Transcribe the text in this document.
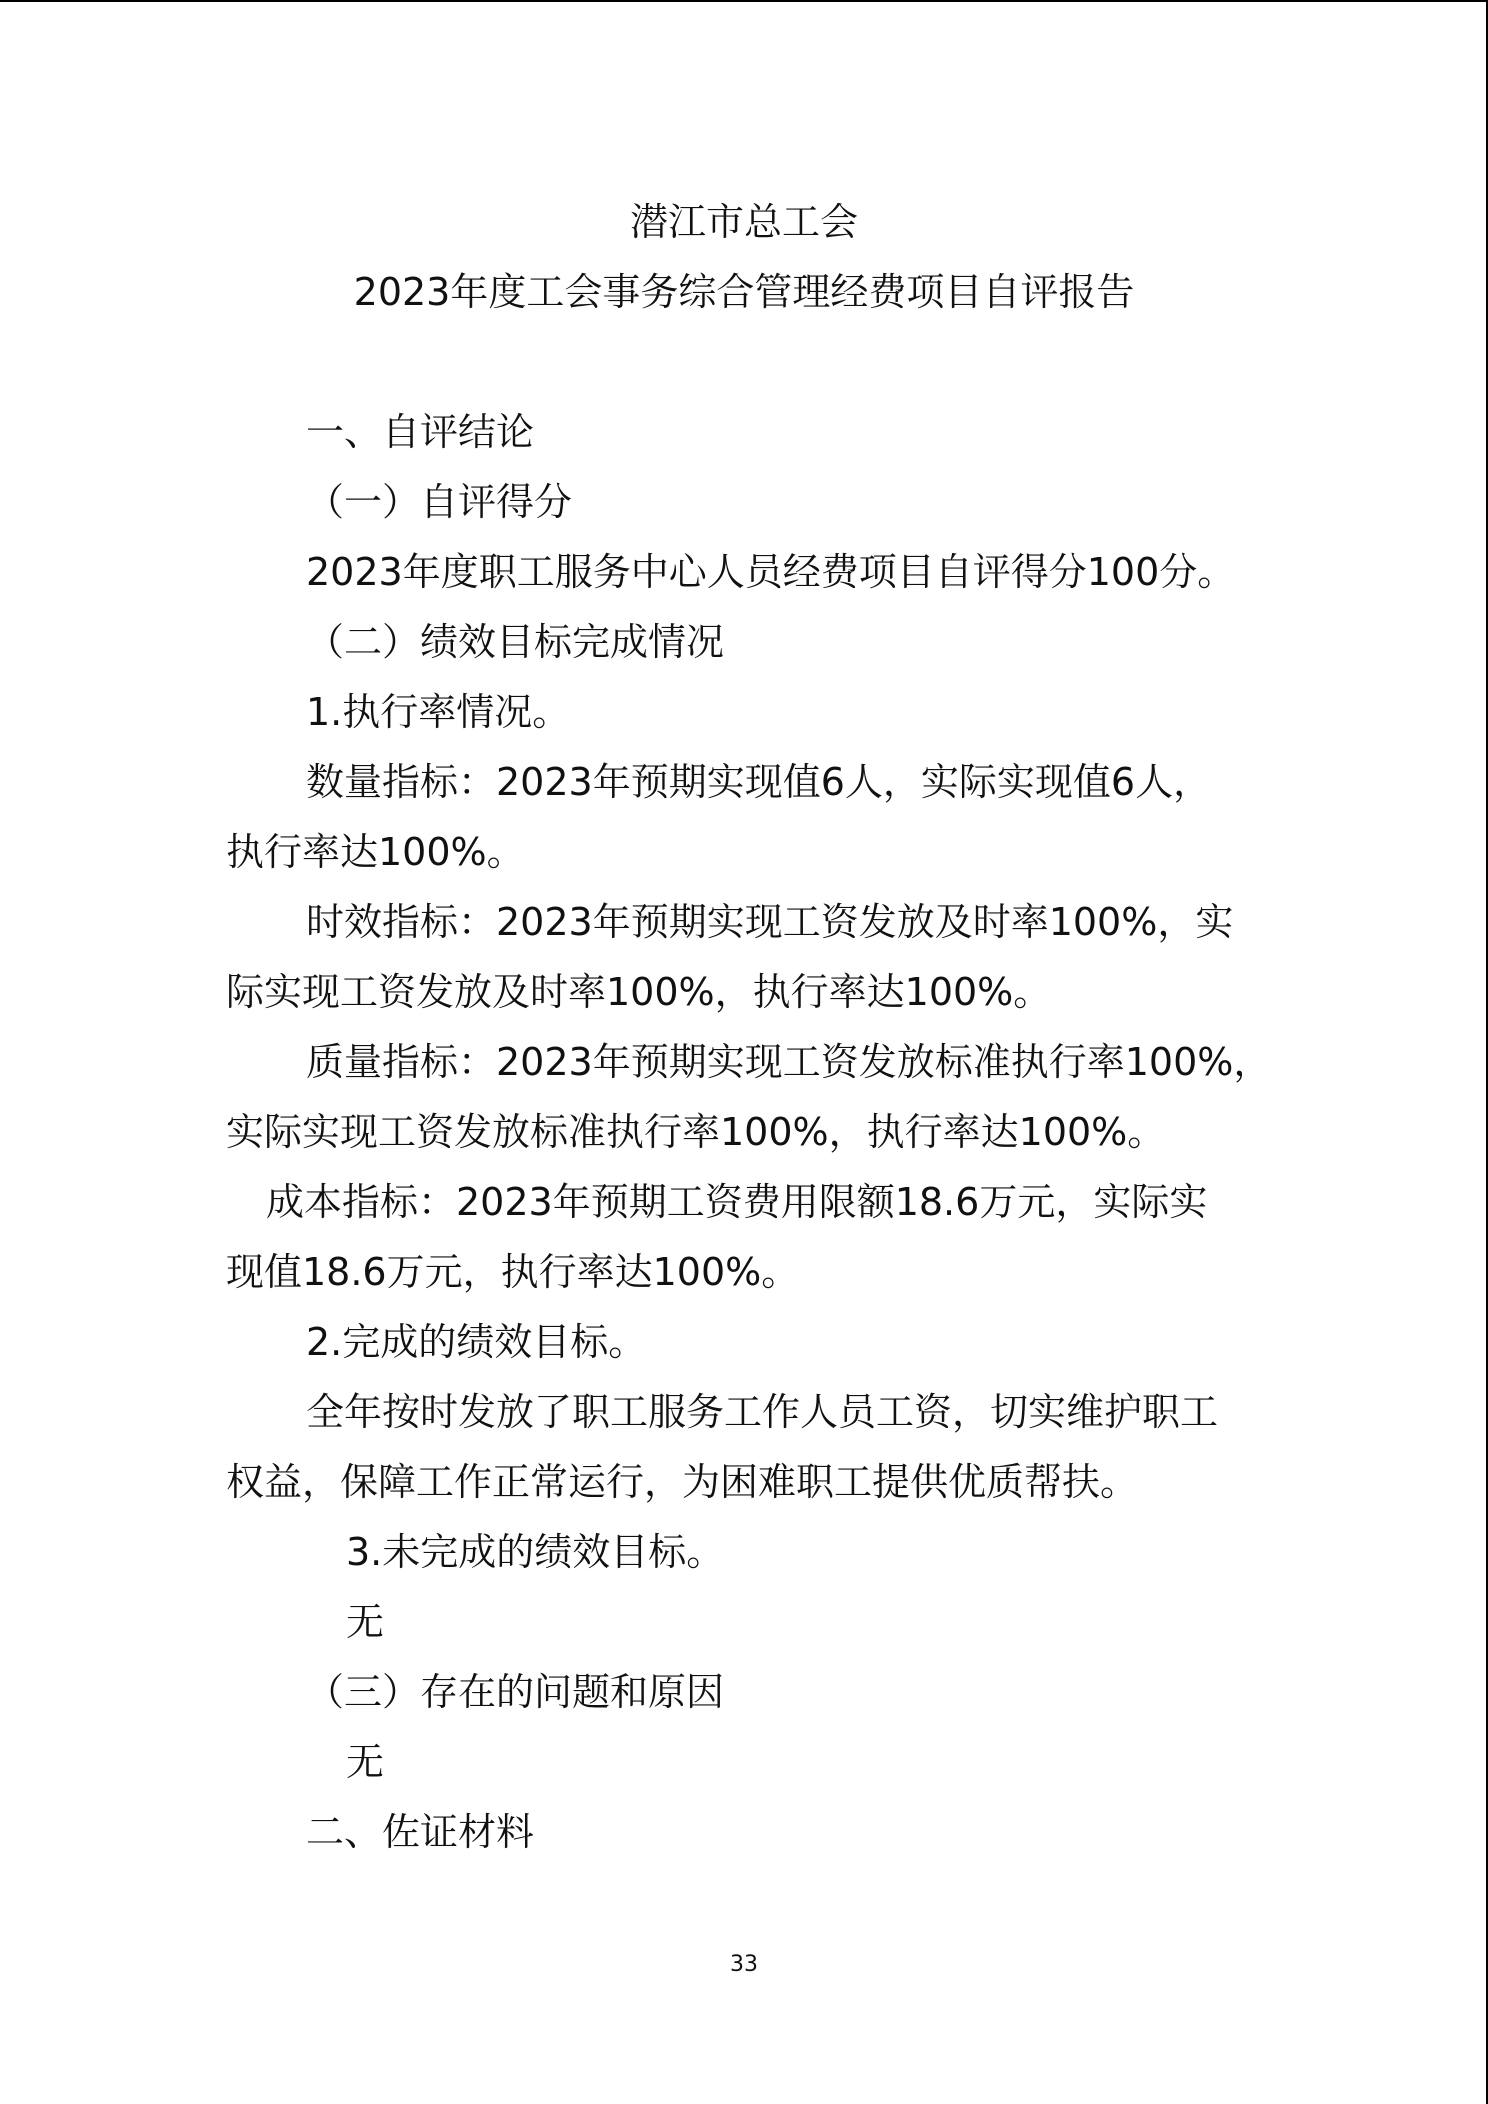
潜江市总工会
2023年度工会事务综合管理经费项目自评报告
一、自评结论
（一）自评得分
2023年度职工服务中心人员经费项目自评得分100分。
（二）绩效目标完成情况
1.执行率情况。
数量指标：2023年预期实现值6人，实际实现值6人，
执行率达100%。
时效指标：2023年预期实现工资发放及时率100%，实
际实现工资发放及时率100%，执行率达100%。
质量指标：2023年预期实现工资发放标准执行率100%，
实际实现工资发放标准执行率100%，执行率达100%。
成本指标：2023年预期工资费用限额18.6万元，实际实
现值18.6万元，执行率达100%。
2.完成的绩效目标。
全年按时发放了职工服务工作人员工资，切实维护职工
权益，保障工作正常运行，为困难职工提供优质帮扶。
3.未完成的绩效目标。
无
（三）存在的问题和原因
无
二、佐证材料
33
